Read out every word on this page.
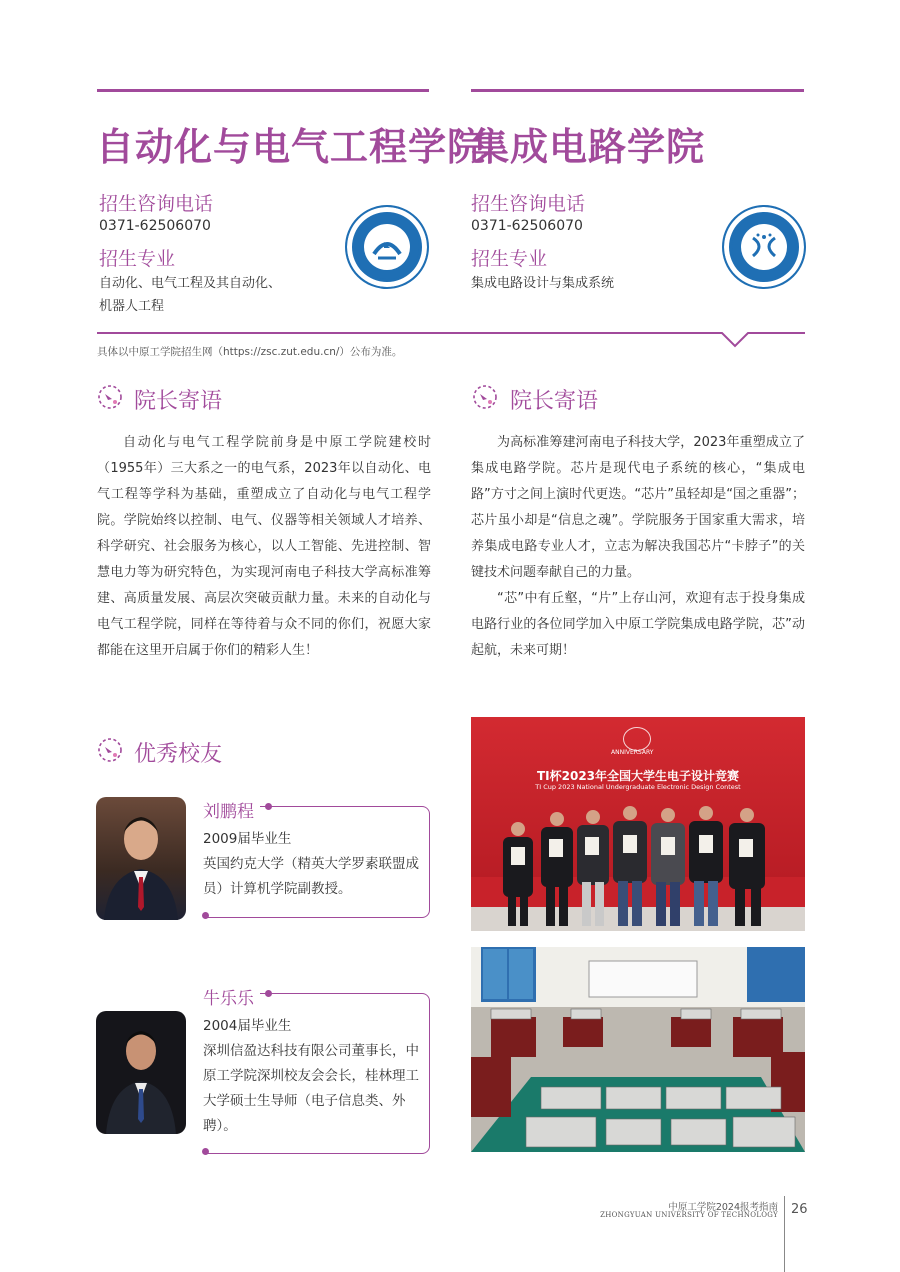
自动化与电气工程学院
招生咨询电话
0371-62506070
招生专业
自动化、电气工程及其自动化、
机器人工程
集成电路学院
招生咨询电话
0371-62506070
招生专业
集成电路设计与集成系统
具体以中原工学院招生网（https://zsc.zut.edu.cn/）公布为准。
院长寄语

自动化与电气工程学院前身是中原工学院建校时（1955年）三大系之一的电气系，2023年以自动化、电气工程等学科为基础，重塑成立了自动化与电气工程学院。学院始终以控制、电气、仪器等相关领域人才培养、科学研究、社会服务为核心，以人工智能、先进控制、智慧电力等为研究特色，为实现河南电子科技大学高标准筹建、高质量发展、高层次突破贡献力量。未来的自动化与电气工程学院，同样在等待着与众不同的你们，祝愿大家都能在这里开启属于你们的精彩人生！

院长寄语

为高标准筹建河南电子科技大学，2023年重塑成立了集成电路学院。芯片是现代电子系统的核心，“集成电路”方寸之间上演时代更迭。“芯片”虽轻却是“国之重器”；芯片虽小却是“信息之魂”。学院服务于国家重大需求，培养集成电路专业人才，立志为解决我国芯片“卡脖子”的关键技术问题奉献自己的力量。

“芯”中有丘壑，“片”上存山河，欢迎有志于投身集成电路行业的各位同学加入中原工学院集成电路学院，芯”动起航，未来可期！

优秀校友
刘鹏程
2009届毕业生
英国约克大学（精英大学罗素联盟成员）计算机学院副教授。
牛乐乐
2004届毕业生
深圳信盈达科技有限公司董事长，中原工学院深圳校友会会长，桂林理工大学硕士生导师（电子信息类、外聘）。
ANNIVERSARY
TI杯2023年全国大学生电子设计竞赛
TI Cup 2023 National Undergraduate Electronic Design Contest
中原工学院2024报考指南
ZHONGYUAN UNIVERSITY OF TECHNOLOGY 26
